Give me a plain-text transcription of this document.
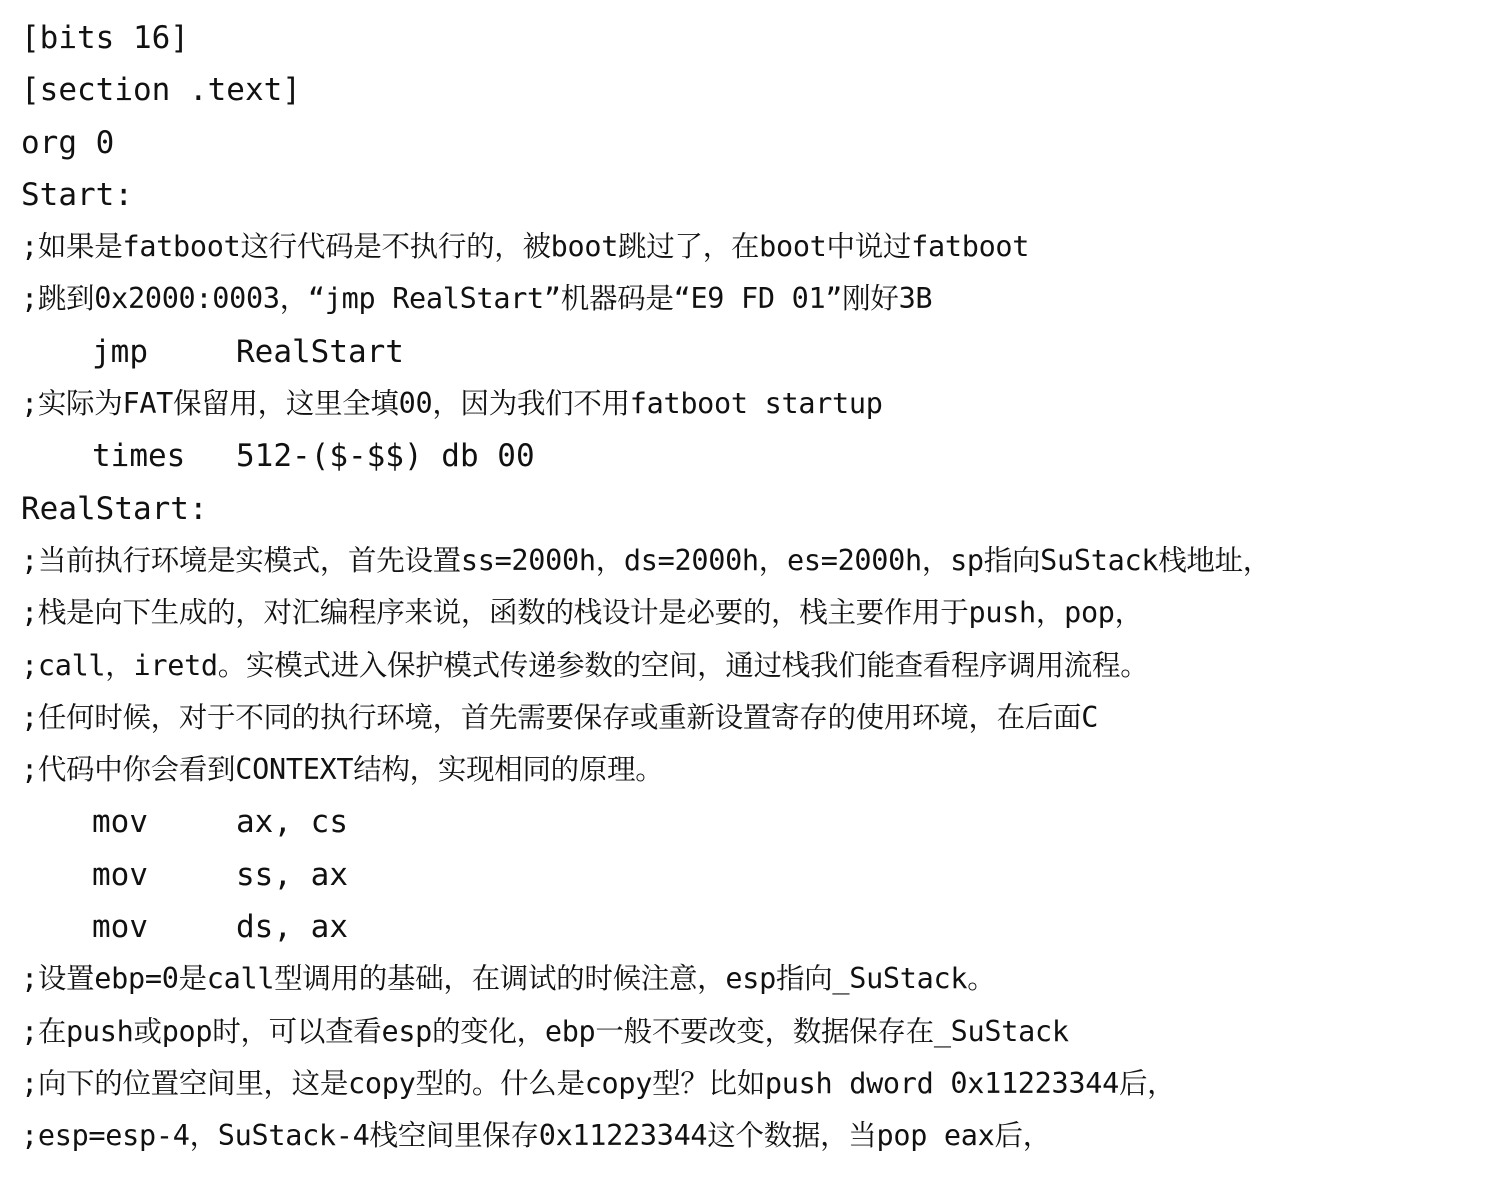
[bits 16]
[section .text]
org 0
Start:
;如果是fatboot这行代码是不执行的，被boot跳过了，在boot中说过fatboot
;跳到0x2000:0003，“jmp RealStart”机器码是“E9 FD 01”刚好3B
jmp	RealStart
;实际为FAT保留用，这里全填00，因为我们不用fatboot startup
times 512-($-$$) db 00
RealStart:
;当前执行环境是实模式，首先设置ss=2000h，ds=2000h，es=2000h，sp指向SuStack栈地址，
;栈是向下生成的，对汇编程序来说，函数的栈设计是必要的，栈主要作用于push，pop，
;call，iretd。实模式进入保护模式传递参数的空间，通过栈我们能查看程序调用流程。
;任何时候，对于不同的执行环境，首先需要保存或重新设置寄存的使用环境，在后面C
;代码中你会看到CONTEXT结构，实现相同的原理。
mov	ax, cs
mov	ss, ax
mov	ds, ax
;设置ebp=0是call型调用的基础，在调试的时候注意，esp指向_SuStack。
;在push或pop时，可以查看esp的变化，ebp一般不要改变，数据保存在_SuStack
;向下的位置空间里，这是copy型的。什么是copy型？比如push dword 0x11223344后，
;esp=esp-4，SuStack-4栈空间里保存0x11223344这个数据，当pop eax后，
